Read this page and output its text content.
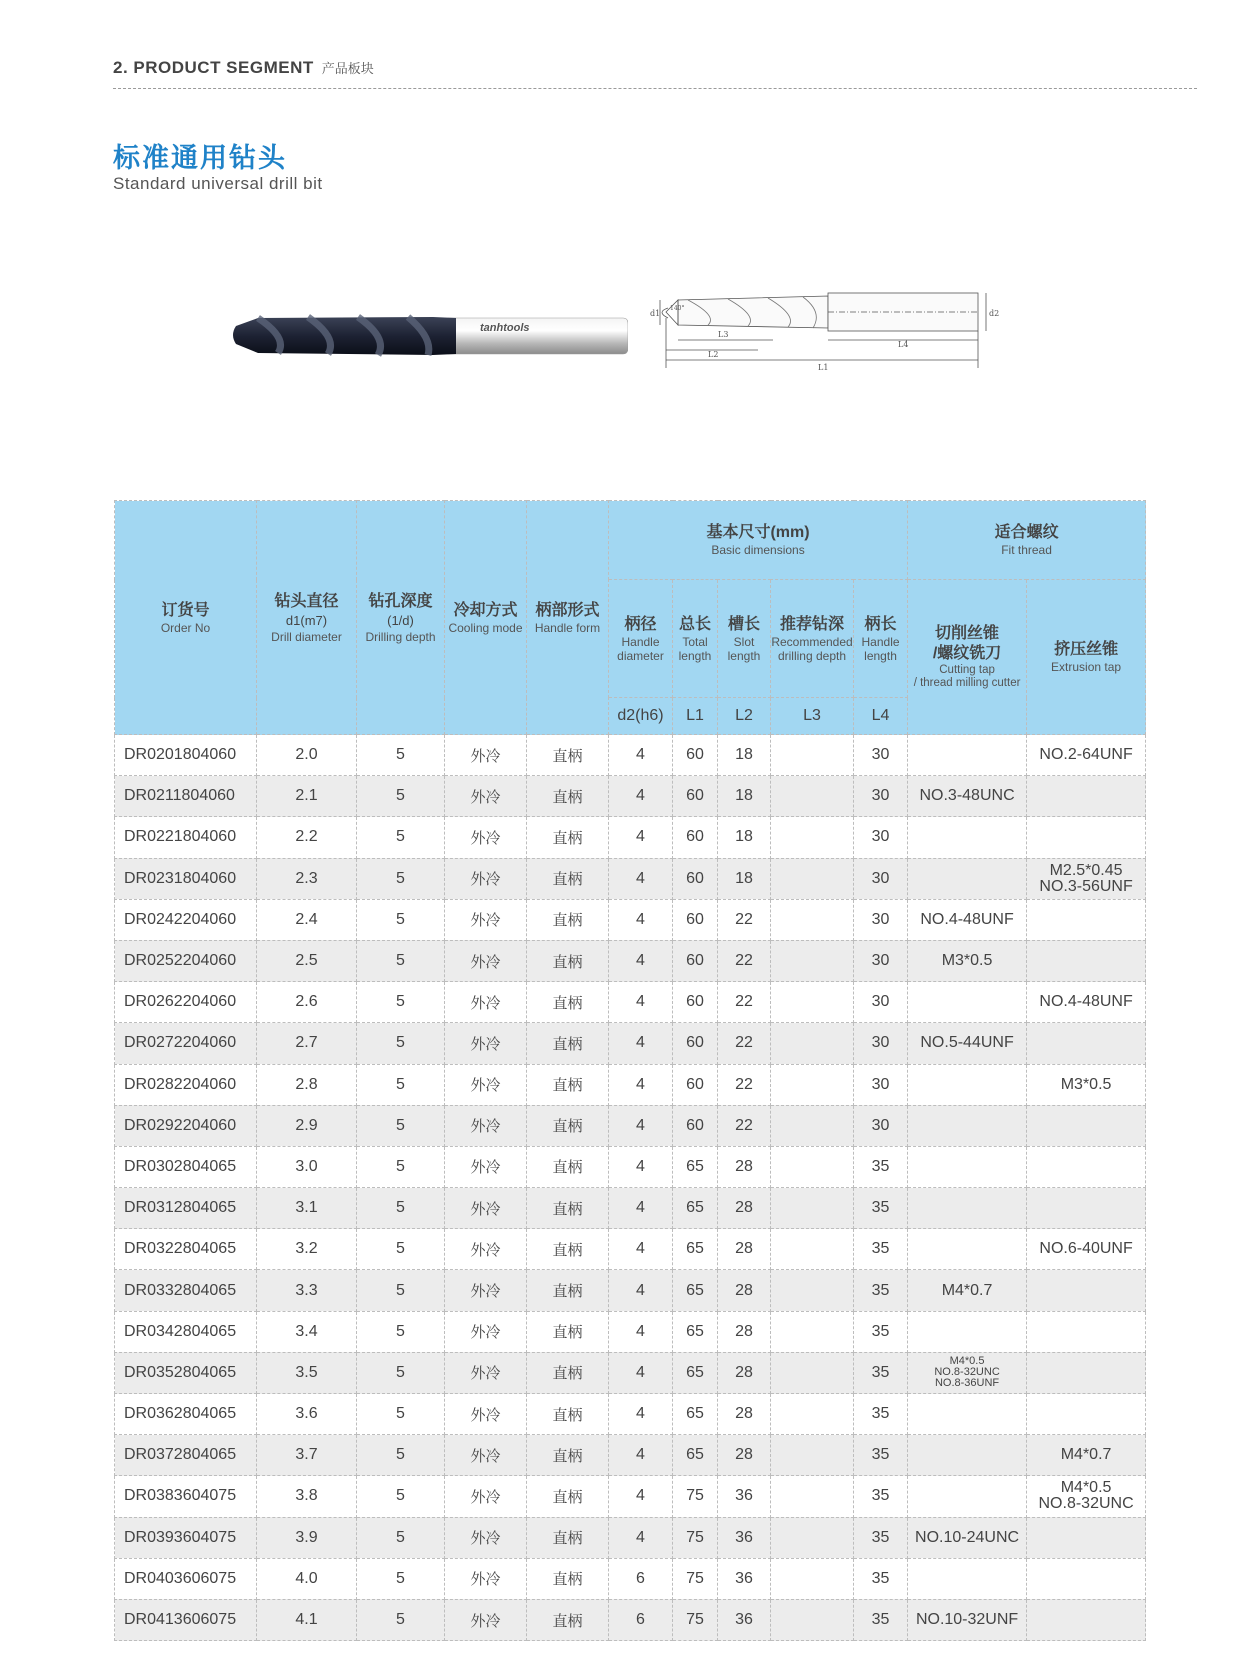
2. PRODUCT SEGMENT 产品板块
标准通用钻头
Standard universal drill bit
tanhtools
d1	d2
L1
L2
L3
L4
140°
订货号
Order No	钻头直径
d1(m7)
Drill diameter	钻孔深度
(1/d)
Drilling depth	冷却方式
Cooling mode	柄部形式
Handle form	基本尺寸(mm)
Basic dimensions					适合螺纹
Fit thread	

					柄径
Handle
diameter	总长
Total
length	槽长
Slot
length	推荐钻深
Recommended
drilling depth	柄长
Handle
length	切削丝锥
/螺纹铣刀
Cutting tap
/ thread milling cutter	挤压丝锥
Extrusion tap

					d2(h6)	L1	L2	L3	L4		
DR0201804060	2.0	5	外冷	直柄	4	60	18		30		NO.2-64UNF

DR0211804060	2.1	5	外冷	直柄	4	60	18		30	NO.3-48UNC	

DR0221804060	2.2	5	外冷	直柄	4	60	18		30		
DR0231804060	2.3	5	外冷	直柄	4	60	18		30		M2.5*0.45
NO.3-56UNF

DR0242204060	2.4	5	外冷	直柄	4	60	22		30	NO.4-48UNF	

DR0252204060	2.5	5	外冷	直柄	4	60	22		30	M3*0.5	

DR0262204060	2.6	5	外冷	直柄	4	60	22		30		NO.4-48UNF

DR0272204060	2.7	5	外冷	直柄	4	60	22		30	NO.5-44UNF	

DR0282204060	2.8	5	外冷	直柄	4	60	22		30		M3*0.5

DR0292204060	2.9	5	外冷	直柄	4	60	22		30		
DR0302804065	3.0	5	外冷	直柄	4	65	28		35		
DR0312804065	3.1	5	外冷	直柄	4	65	28		35		
DR0322804065	3.2	5	外冷	直柄	4	65	28		35		NO.6-40UNF

DR0332804065	3.3	5	外冷	直柄	4	65	28		35	M4*0.7	

DR0342804065	3.4	5	外冷	直柄	4	65	28		35		
DR0352804065	3.5	5	外冷	直柄	4	65	28		35	M4*0.5
NO.8-32UNC
NO.8-36UNF	

DR0362804065	3.6	5	外冷	直柄	4	65	28		35		
DR0372804065	3.7	5	外冷	直柄	4	65	28		35		M4*0.7

DR0383604075	3.8	5	外冷	直柄	4	75	36		35		M4*0.5
NO.8-32UNC

DR0393604075	3.9	5	外冷	直柄	4	75	36		35	NO.10-24UNC	

DR0403606075	4.0	5	外冷	直柄	6	75	36		35		
DR0413606075	4.1	5	外冷	直柄	6	75	36		35	NO.10-32UNF	
